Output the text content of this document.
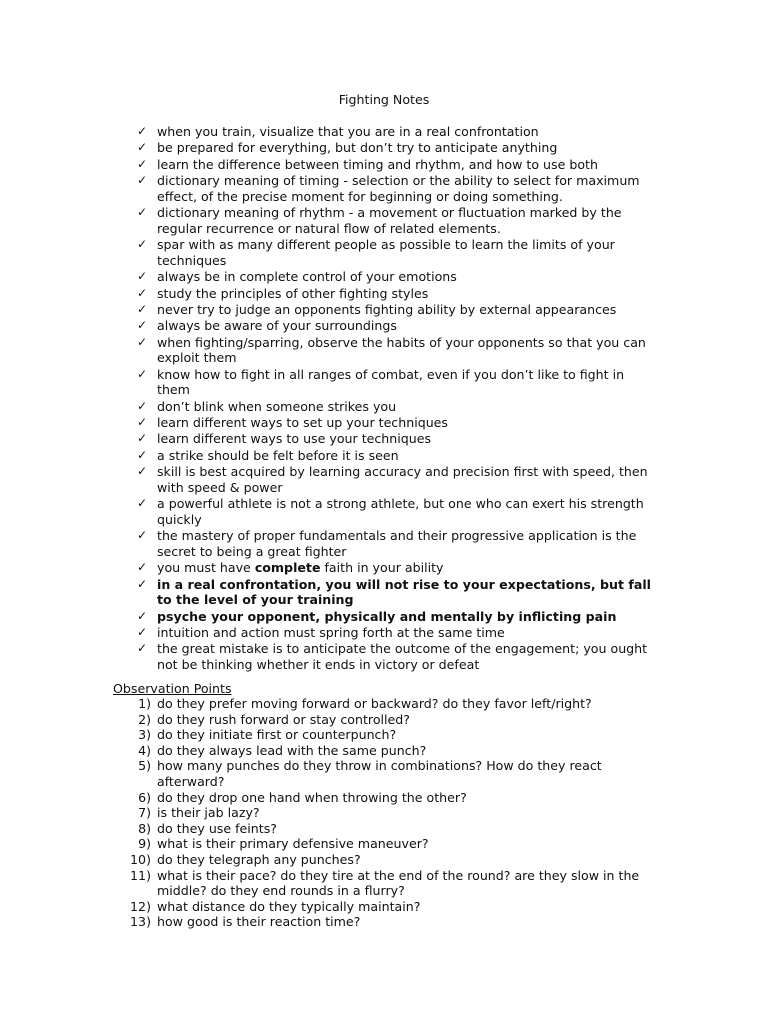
Fighting Notes
✓ when you train, visualize that you are in a real confrontation
✓ be prepared for everything, but don’t try to anticipate anything
✓ learn the difference between timing and rhythm, and how to use both
✓ dictionary meaning of timing - selection or the ability to select for maximum effect, of the precise moment for beginning or doing something.
✓ dictionary meaning of rhythm - a movement or fluctuation marked by the regular recurrence or natural flow of related elements.
✓ spar with as many different people as possible to learn the limits of your techniques
✓ always be in complete control of your emotions
✓ study the principles of other fighting styles
✓ never try to judge an opponents fighting ability by external appearances
✓ always be aware of your surroundings
✓ when fighting/sparring, observe the habits of your opponents so that you can exploit them
✓ know how to fight in all ranges of combat, even if you don’t like to fight in them
✓ don’t blink when someone strikes you
✓ learn different ways to set up your techniques
✓ learn different ways to use your techniques
✓ a strike should be felt before it is seen
✓ skill is best acquired by learning accuracy and precision first with speed, then with speed & power
✓ a powerful athlete is not a strong athlete, but one who can exert his strength quickly
✓ the mastery of proper fundamentals and their progressive application is the secret to being a great fighter
✓ you must have complete faith in your ability
✓ in a real confrontation, you will not rise to your expectations, but fall to the level of your training
✓ psyche your opponent, physically and mentally by inflicting pain
✓ intuition and action must spring forth at the same time
✓ the great mistake is to anticipate the outcome of the engagement; you ought not be thinking whether it ends in victory or defeat
Observation Points
1) do they prefer moving forward or backward? do they favor left/right?
2) do they rush forward or stay controlled?
3) do they initiate first or counterpunch?
4) do they always lead with the same punch?
5) how many punches do they throw in combinations? How do they react afterward?
6) do they drop one hand when throwing the other?
7) is their jab lazy?
8) do they use feints?
9) what is their primary defensive maneuver?
10) do they telegraph any punches?
11) what is their pace? do they tire at the end of the round? are they slow in the middle? do they end rounds in a flurry?
12) what distance do they typically maintain?
13) how good is their reaction time?
